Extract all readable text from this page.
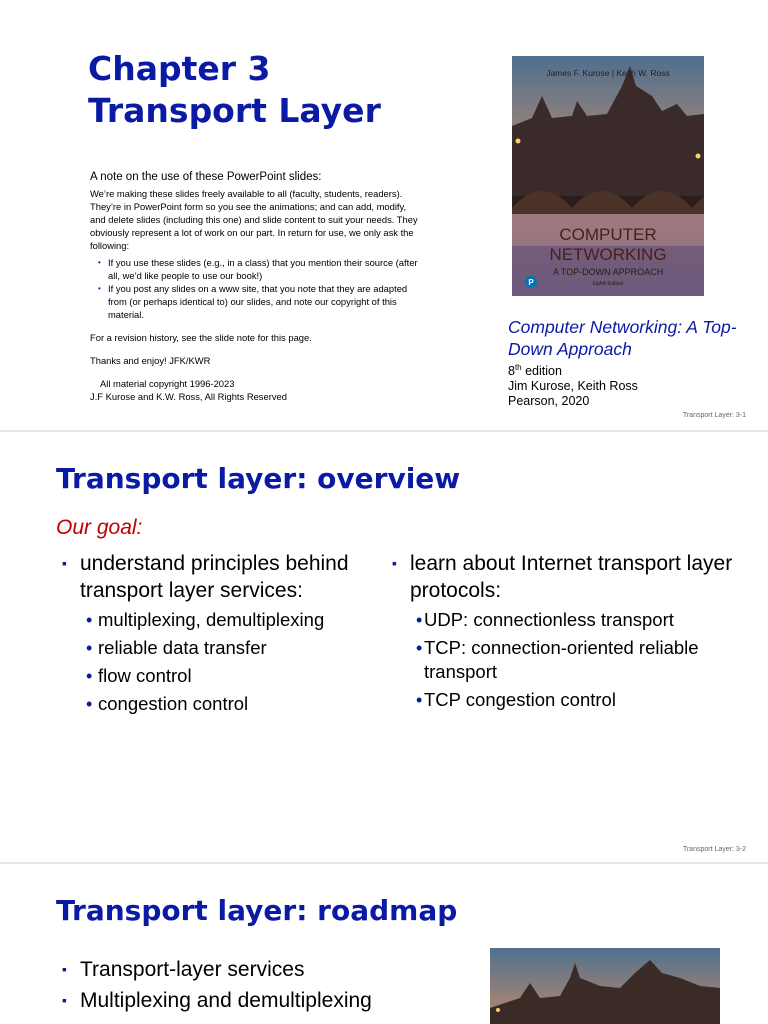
Chapter 3
Transport Layer
A note on the use of these PowerPoint slides:

We’re making these slides freely available to all (faculty, students, readers). They’re in PowerPoint form so you see the animations; and can add, modify, and delete slides (including this one) and slide content to suit your needs. They obviously represent a lot of work on our part. In return for use, we only ask the following:

• If you use these slides (e.g., in a class) that you mention their source (after all, we’d like people to use our book!)
• If you post any slides on a www site, that you note that they are adapted from (or perhaps identical to) our slides, and note our copyright of this material.

For a revision history, see the slide note for this page.

Thanks and enjoy! JFK/KWR

All material copyright 1996-2023

J.F Kurose and K.W. Ross, All Rights Reserved

James F. Kurose | Keith W. Ross
COMPUTER
NETWORKING
A TOP-DOWN APPROACH
Eighth Edition
P
Computer Networking: A Top-Down Approach
8th edition
Jim Kurose, Keith Ross
Pearson, 2020
Transport Layer: 3-1
Transport layer: overview
Our goal:
▪ understand principles behind transport layer services:
• multiplexing, demultiplexing
• reliable data transfer
• flow control
• congestion control
▪ learn about Internet transport layer protocols:
• UDP: connectionless transport
• TCP: connection-oriented reliable transport
• TCP congestion control
Transport Layer: 3-2
Transport layer: roadmap
▪ Transport-layer services
▪ Multiplexing and demultiplexing
